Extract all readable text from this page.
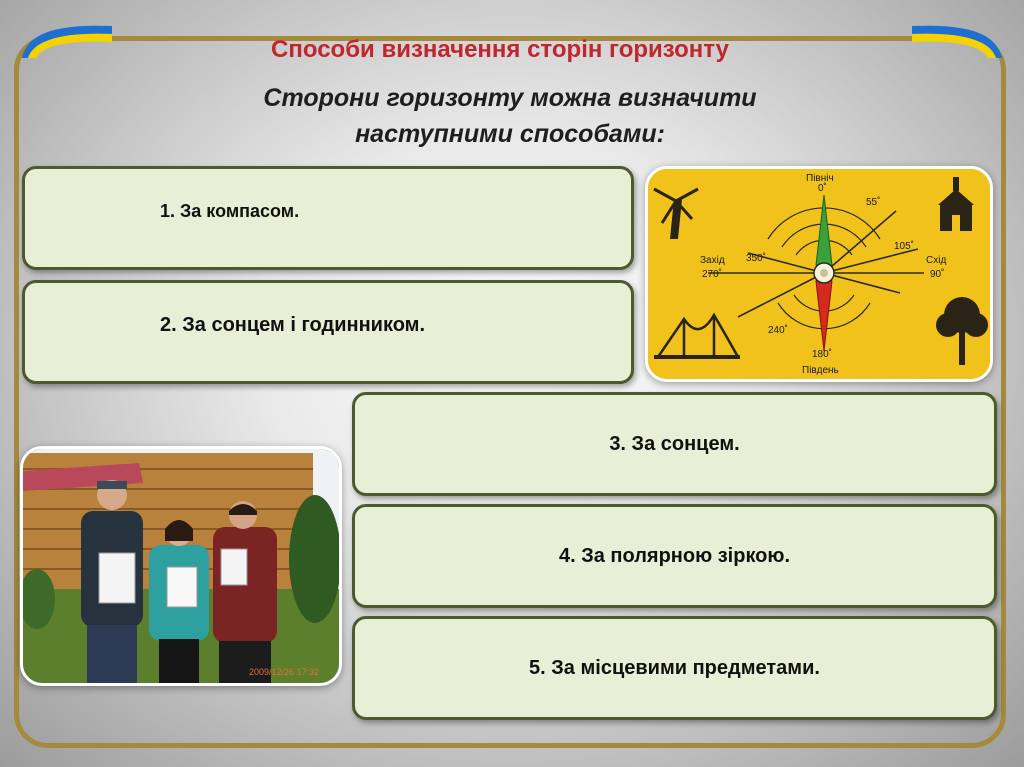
Способи визначення сторін горизонту
Сторони горизонту можна визначити наступними способами:
1. За компасом.
2. За сонцем і годинником.
Північ
0˚
Південь
180˚
Захід
270˚
Схід
90˚
55˚
105˚
240˚
350˚
2009/12/26 17:32
3. За сонцем.
4. За полярною зіркою.
5. За місцевими предметами.
